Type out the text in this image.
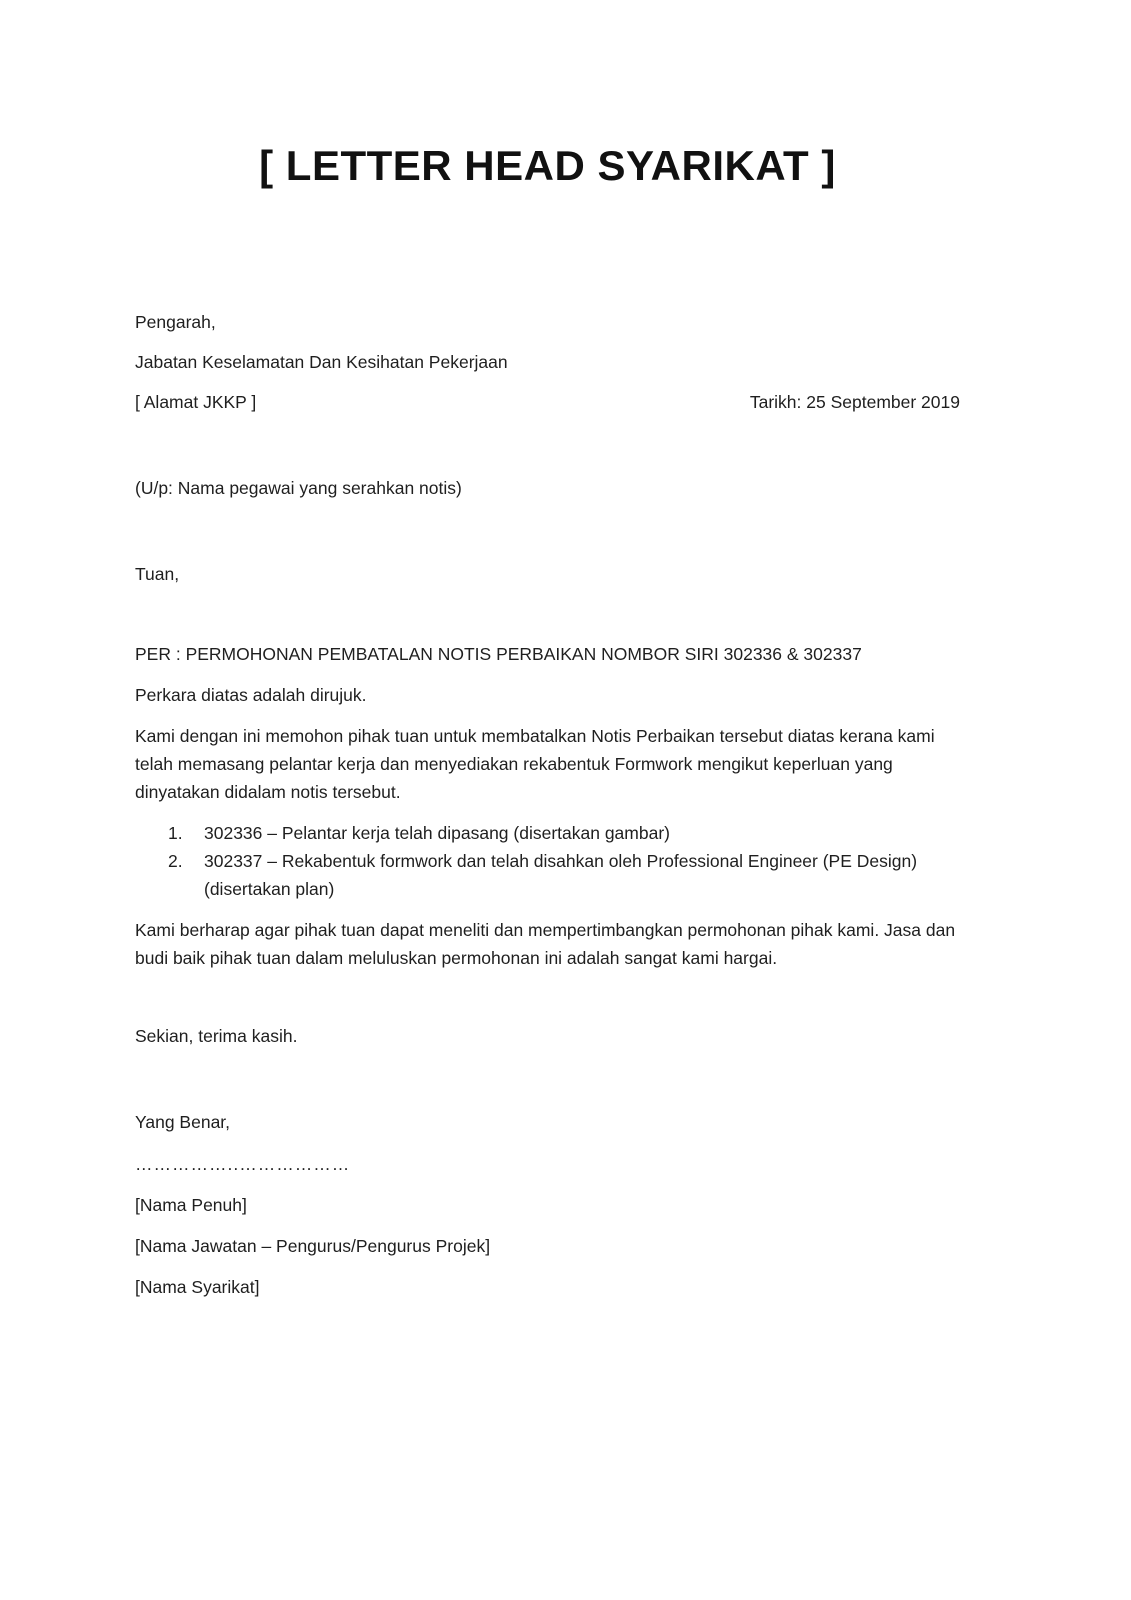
[ LETTER HEAD SYARIKAT ]

Pengarah,

Jabatan Keselamatan Dan Kesihatan Pekerjaan

[ Alamat JKKP ]	Tarikh: 25 September 2019

(U/p: Nama pegawai yang serahkan notis)

Tuan,

PER : PERMOHONAN PEMBATALAN NOTIS PERBAIKAN NOMBOR SIRI 302336 & 302337

Perkara diatas adalah dirujuk.

Kami dengan ini memohon pihak tuan untuk membatalkan Notis Perbaikan tersebut diatas kerana kami telah memasang pelantar kerja dan menyediakan rekabentuk Formwork mengikut keperluan yang dinyatakan didalam notis tersebut.

1.	302336 – Pelantar kerja telah dipasang (disertakan gambar)
2.	302337 – Rekabentuk formwork dan telah disahkan oleh Professional Engineer (PE Design) (disertakan plan)

Kami berharap agar pihak tuan dapat meneliti dan mempertimbangkan permohonan pihak kami. Jasa dan budi baik pihak tuan dalam meluluskan permohonan ini adalah sangat kami hargai.

Sekian, terima kasih.

Yang Benar,

……………..………………

[Nama Penuh]

[Nama Jawatan – Pengurus/Pengurus Projek]

[Nama Syarikat]
